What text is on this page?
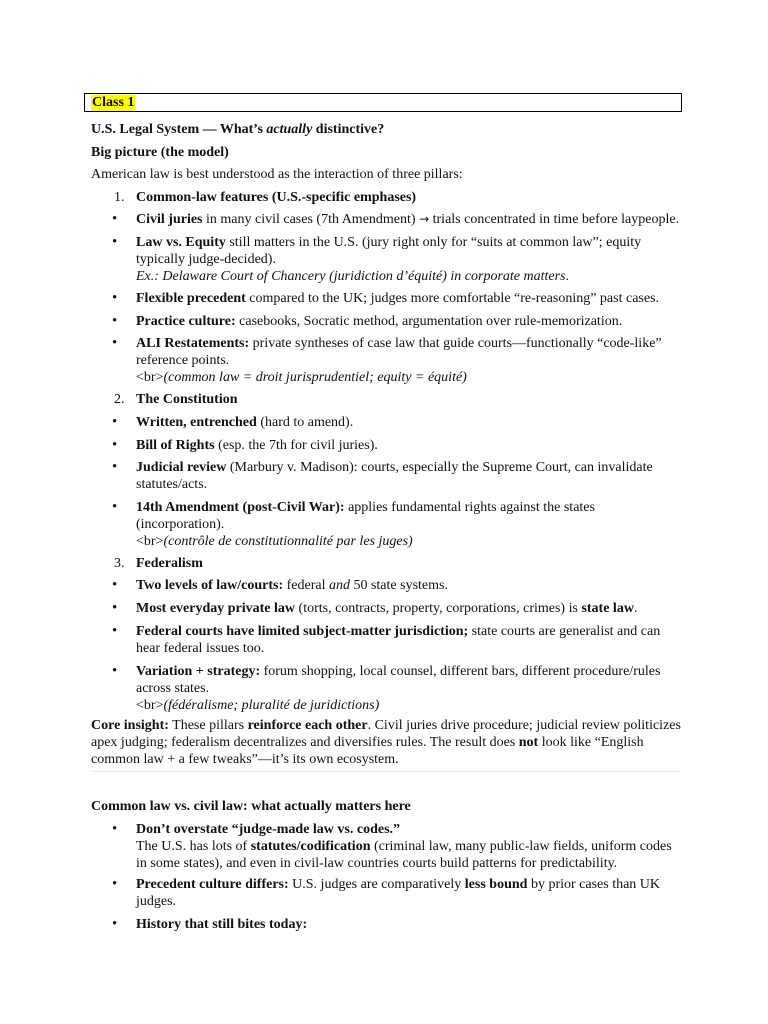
Class 1

U.S. Legal System — What’s actually distinctive?

Big picture (the model)

American law is best understood as the interaction of three pillars:

1. Common-law features (U.S.-specific emphases)
•	Civil juries in many civil cases (7th Amendment) → trials concentrated in time before laypeople.

•	Law vs. Equity still matters in the U.S. (jury right only for “suits at common law”; equity typically judge-decided).
Ex.: Delaware Court of Chancery (juridiction d’équité) in corporate matters.

•	Flexible precedent compared to the UK; judges more comfortable “re-reasoning” past cases.

•	Practice culture: casebooks, Socratic method, argumentation over rule-memorization.

•	ALI Restatements: private syntheses of case law that guide courts—functionally “code-like” reference points.
<br>(common law = droit jurisprudentiel; equity = équité)

2. The Constitution
•	Written, entrenched (hard to amend).

•	Bill of Rights (esp. the 7th for civil juries).

•	Judicial review (Marbury v. Madison): courts, especially the Supreme Court, can invalidate statutes/acts.

•	14th Amendment (post-Civil War): applies fundamental rights against the states (incorporation).
<br>(contrôle de constitutionnalité par les juges)

3. Federalism
•	Two levels of law/courts: federal and 50 state systems.

•	Most everyday private law (torts, contracts, property, corporations, crimes) is state law.

•	Federal courts have limited subject-matter jurisdiction; state courts are generalist and can hear federal issues too.

•	Variation + strategy: forum shopping, local counsel, different bars, different procedure/rules across states.
<br>(fédéralisme; pluralité de juridictions)

Core insight: These pillars reinforce each other. Civil juries drive procedure; judicial review politicizes apex judging; federalism decentralizes and diversifies rules. The result does not look like “English common law + a few tweaks”—it’s its own ecosystem.

Common law vs. civil law: what actually matters here

•	Don’t overstate “judge-made law vs. codes.”
The U.S. has lots of statutes/codification (criminal law, many public-law fields, uniform codes in some states), and even in civil-law countries courts build patterns for predictability.

•	Precedent culture differs: U.S. judges are comparatively less bound by prior cases than UK judges.

•	History that still bites today:
